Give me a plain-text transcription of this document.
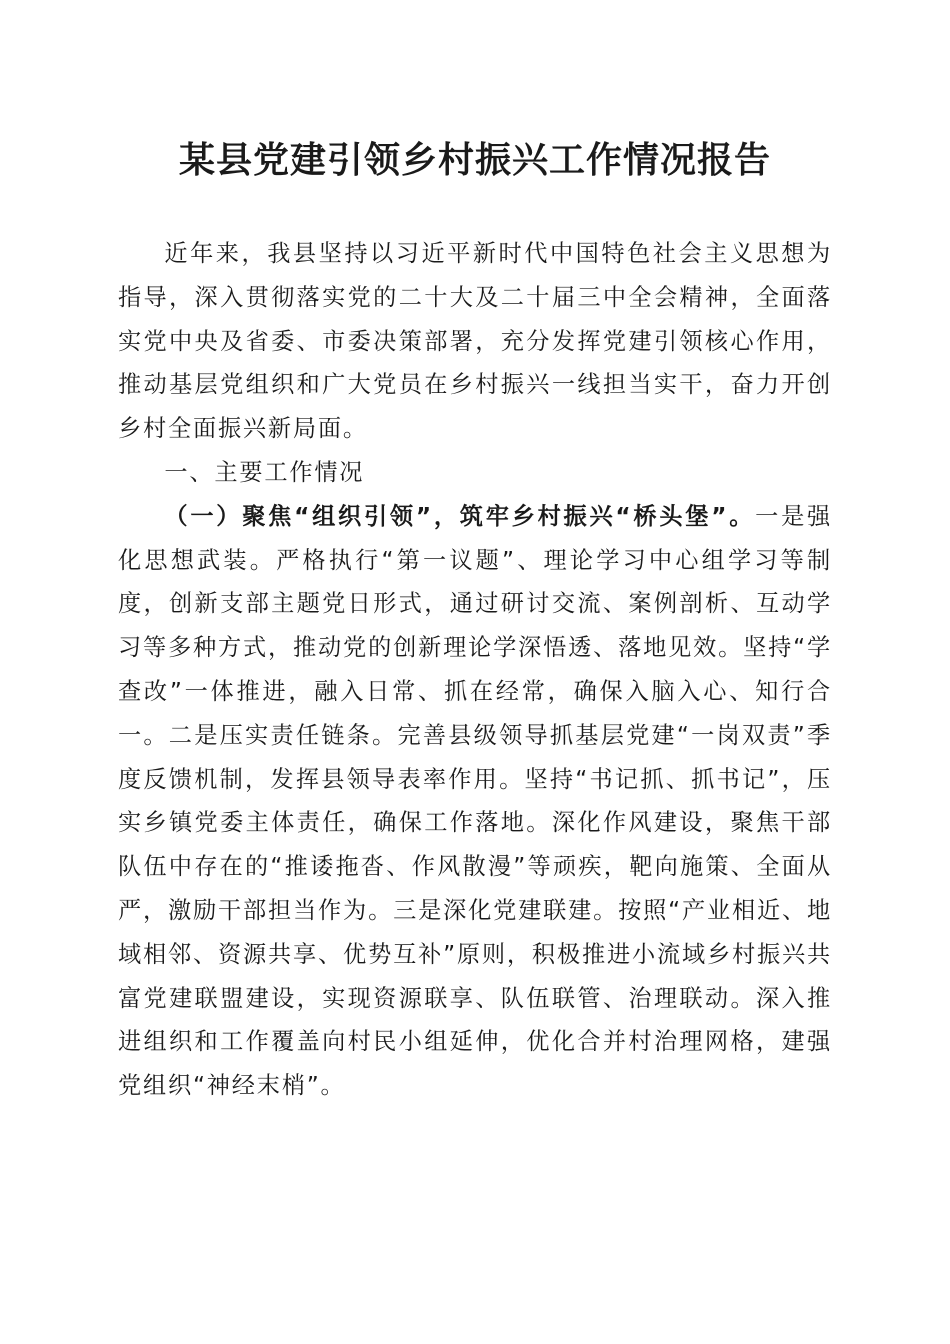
某县党建引领乡村振兴工作情况报告

近年来，我县坚持以习近平新时代中国特色社会主义思想为指导，深入贯彻落实党的二十大及二十届三中全会精神，全面落实党中央及省委、市委决策部署，充分发挥党建引领核心作用，推动基层党组织和广大党员在乡村振兴一线担当实干，奋力开创乡村全面振兴新局面。

一、主要工作情况

（一）聚焦“组织引领”，筑牢乡村振兴“桥头堡”。一是强化思想武装。严格执行“第一议题”、理论学习中心组学习等制度，创新支部主题党日形式，通过研讨交流、案例剖析、互动学习等多种方式，推动党的创新理论学深悟透、落地见效。坚持“学查改”一体推进，融入日常、抓在经常，确保入脑入心、知行合一。二是压实责任链条。完善县级领导抓基层党建“一岗双责”季度反馈机制，发挥县领导表率作用。坚持“书记抓、抓书记”，压实乡镇党委主体责任，确保工作落地。深化作风建设，聚焦干部队伍中存在的“推诿拖沓、作风散漫”等顽疾，靶向施策、全面从严，激励干部担当作为。三是深化党建联建。按照“产业相近、地域相邻、资源共享、优势互补”原则，积极推进小流域乡村振兴共富党建联盟建设，实现资源联享、队伍联管、治理联动。深入推进组织和工作覆盖向村民小组延伸，优化合并村治理网格，建强党组织“神经末梢”。
